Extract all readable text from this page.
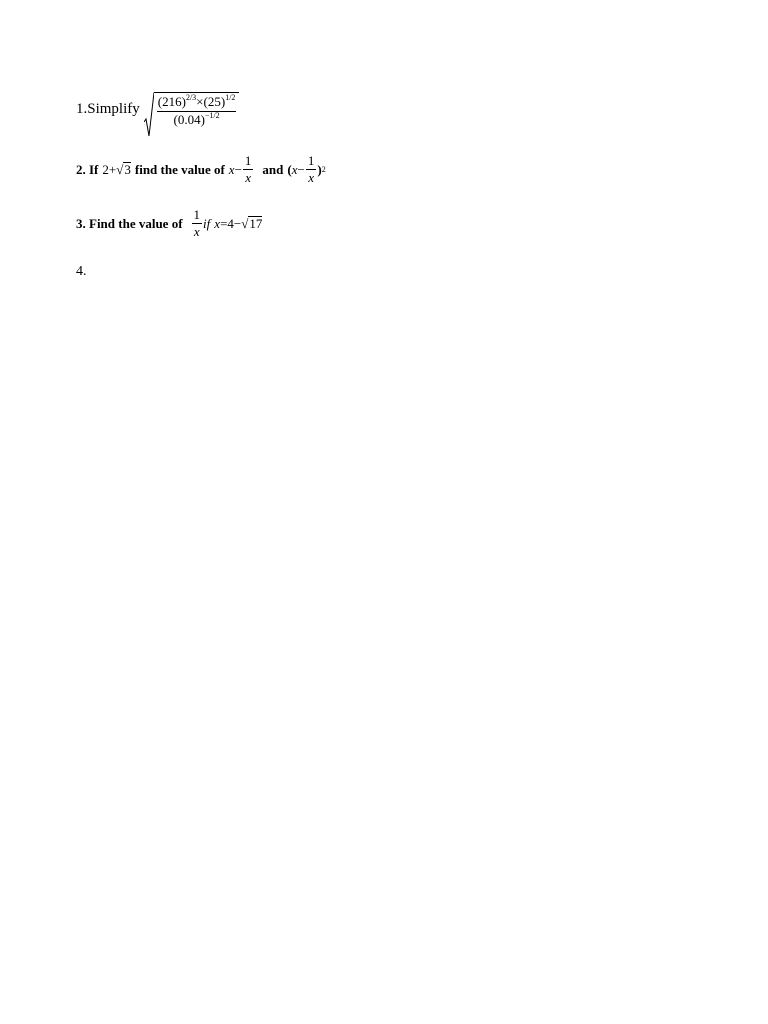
1.Simplify $\frac{(216)^{2/3}\times(25)^{1/2}}{(0.04)^{-1/2}}$
2. If 2+ √ 3 find the value of $x - \frac{1}{x}$ and ( $x - \frac{1}{x}$ ) 2
3. Find the value of $\frac{1}{x}$ if x =4− √ 17
4.
